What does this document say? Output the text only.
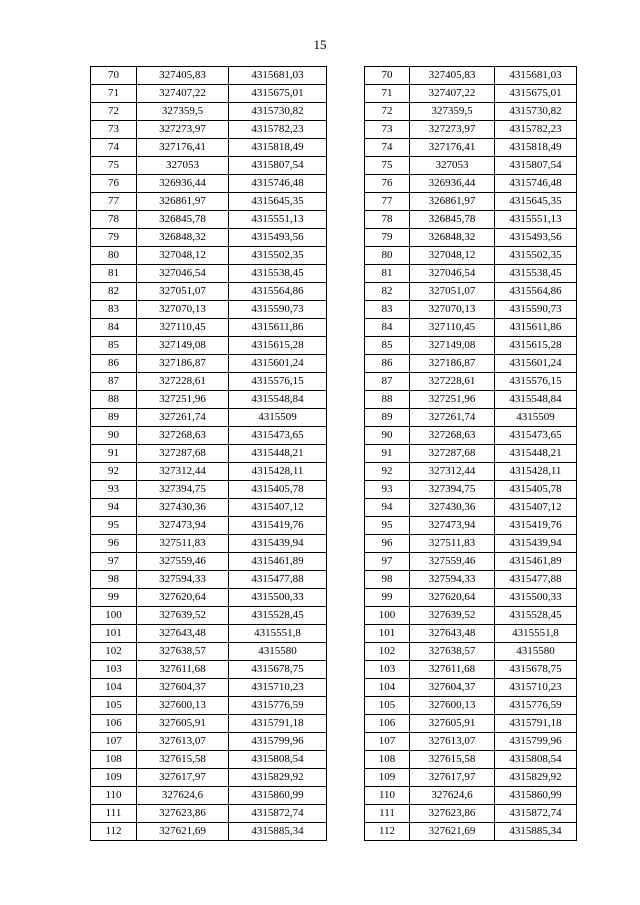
15
70	327405,83	4315681,03
71	327407,22	4315675,01
72	327359,5	4315730,82
73	327273,97	4315782,23
74	327176,41	4315818,49
75	327053	4315807,54
76	326936,44	4315746,48
77	326861,97	4315645,35
78	326845,78	4315551,13
79	326848,32	4315493,56
80	327048,12	4315502,35
81	327046,54	4315538,45
82	327051,07	4315564,86
83	327070,13	4315590,73
84	327110,45	4315611,86
85	327149,08	4315615,28
86	327186,87	4315601,24
87	327228,61	4315576,15
88	327251,96	4315548,84
89	327261,74	4315509
90	327268,63	4315473,65
91	327287,68	4315448,21
92	327312,44	4315428,11
93	327394,75	4315405,78
94	327430,36	4315407,12
95	327473,94	4315419,76
96	327511,83	4315439,94
97	327559,46	4315461,89
98	327594,33	4315477,88
99	327620,64	4315500,33
100	327639,52	4315528,45
101	327643,48	4315551,8
102	327638,57	4315580
103	327611,68	4315678,75
104	327604,37	4315710,23
105	327600,13	4315776,59
106	327605,91	4315791,18
107	327613,07	4315799,96
108	327615,58	4315808,54
109	327617,97	4315829,92
110	327624,6	4315860,99
111	327623,86	4315872,74
112	327621,69	4315885,34
70	327405,83	4315681,03
71	327407,22	4315675,01
72	327359,5	4315730,82
73	327273,97	4315782,23
74	327176,41	4315818,49
75	327053	4315807,54
76	326936,44	4315746,48
77	326861,97	4315645,35
78	326845,78	4315551,13
79	326848,32	4315493,56
80	327048,12	4315502,35
81	327046,54	4315538,45
82	327051,07	4315564,86
83	327070,13	4315590,73
84	327110,45	4315611,86
85	327149,08	4315615,28
86	327186,87	4315601,24
87	327228,61	4315576,15
88	327251,96	4315548,84
89	327261,74	4315509
90	327268,63	4315473,65
91	327287,68	4315448,21
92	327312,44	4315428,11
93	327394,75	4315405,78
94	327430,36	4315407,12
95	327473,94	4315419,76
96	327511,83	4315439,94
97	327559,46	4315461,89
98	327594,33	4315477,88
99	327620,64	4315500,33
100	327639,52	4315528,45
101	327643,48	4315551,8
102	327638,57	4315580
103	327611,68	4315678,75
104	327604,37	4315710,23
105	327600,13	4315776,59
106	327605,91	4315791,18
107	327613,07	4315799,96
108	327615,58	4315808,54
109	327617,97	4315829,92
110	327624,6	4315860,99
111	327623,86	4315872,74
112	327621,69	4315885,34
